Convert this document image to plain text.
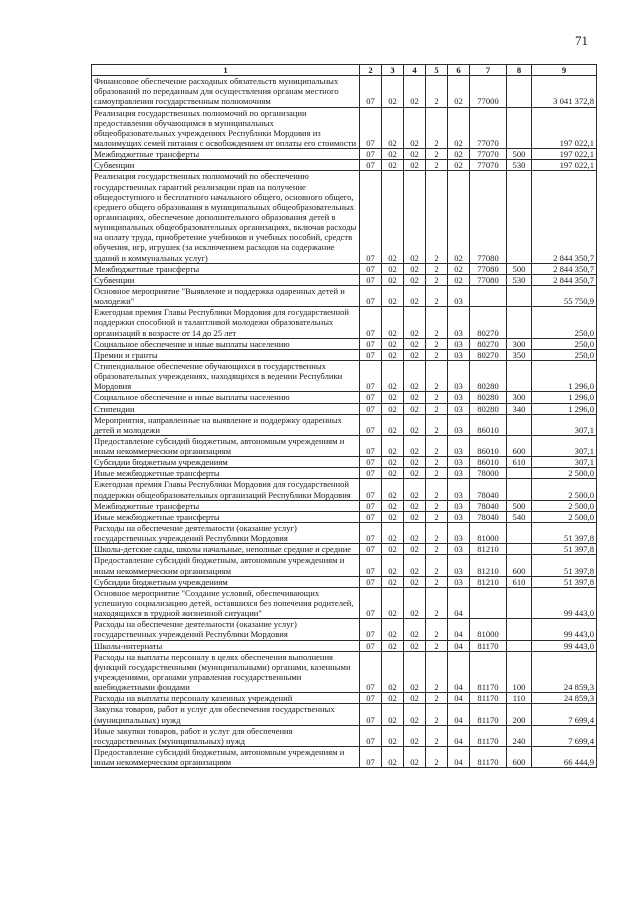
71
1	2	3	4	5	6	7	8	9
Финансовое обеспечение расходных обязательств муниципальных образований по переданным для осуществления органам местного самоуправления государственным полномочиям	07	02	02	2	02	77000		3 041 372,8
Реализация государственных полномочий по организации предоставления обучающимся в муниципальных общеобразовательных учреждениях Республики Мордовия из малоимущих семей питания с освобождением от оплаты его стоимости	07	02	02	2	02	77070		197 022,1
Межбюджетные трансферты	07	02	02	2	02	77070	500	197 022,1
Субвенции	07	02	02	2	02	77070	530	197 022,1
Реализация государственных полномочий по обеспечению государственных гарантий реализации прав на получение общедоступного и бесплатного начального общего, основного общего, среднего общего образования в муниципальных общеобразовательных организациях, обеспечение дополнительного образования детей в муниципальных общеобразовательных организациях, включая расходы на оплату труда, приобретение учебников и учебных пособий, средств обучения, игр, игрушек (за исключением расходов на содержание зданий и коммунальных услуг)	07	02	02	2	02	77080		2 844 350,7
Межбюджетные трансферты	07	02	02	2	02	77080	500	2 844 350,7
Субвенции	07	02	02	2	02	77080	530	2 844 350,7
Основное мероприятие "Выявление и поддержка одаренных детей и молодежи"	07	02	02	2	03			55 750,9
Ежегодная премия Главы Республики Мордовия для государственной поддержки способной и талантливой молодежи образовательных организаций в возрасте от 14 до 25 лет	07	02	02	2	03	80270		250,0
Социальное обеспечение и иные выплаты населению	07	02	02	2	03	80270	300	250,0
Премии и гранты	07	02	02	2	03	80270	350	250,0
Стипендиальное обеспечение обучающихся в государственных образовательных учреждениях, находящихся в ведении Республики Мордовия	07	02	02	2	03	80280		1 296,0
Социальное обеспечение и иные выплаты населению	07	02	02	2	03	80280	300	1 296,0
Стипендии	07	02	02	2	03	80280	340	1 296,0
Мероприятия, направленные на выявление и поддержку одаренных детей и молодежи	07	02	02	2	03	86010		307,1
Предоставление субсидий бюджетным, автономным учреждениям и иным некоммерческим организациям	07	02	02	2	03	86010	600	307,1
Субсидии бюджетным учреждениям	07	02	02	2	03	86010	610	307,1
Иные межбюджетные трансферты	07	02	02	2	03	78000		2 500,0
Ежегодная премия Главы Республики Мордовия для государственной поддержки общеобразовательных организаций Республики Мордовия	07	02	02	2	03	78040		2 500,0
Межбюджетные трансферты	07	02	02	2	03	78040	500	2 500,0
Иные межбюджетные трансферты	07	02	02	2	03	78040	540	2 500,0
Расходы на обеспечение деятельности (оказание услуг) государственных учреждений Республики Мордовия	07	02	02	2	03	81000		51 397,8
Школы-детские сады, школы начальные, неполные средние и средние	07	02	02	2	03	81210		51 397,8
Предоставление субсидий бюджетным, автономным учреждениям и иным некоммерческим организациям	07	02	02	2	03	81210	600	51 397,8
Субсидии бюджетным учреждениям	07	02	02	2	03	81210	610	51 397,8
Основное мероприятие "Создание условий, обеспечивающих успешную социализацию детей, оставшихся без попечения родителей, находящихся в трудной жизненной ситуации"	07	02	02	2	04			99 443,0
Расходы на обеспечение деятельности (оказание услуг) государственных учреждений Республики Мордовия	07	02	02	2	04	81000		99 443,0
Школы-интернаты	07	02	02	2	04	81170		99 443,0
Расходы на выплаты персоналу в целях обеспечения выполнения функций государственными (муниципальными) органами, казенными учреждениями, органами управления государственными внебюджетными фондами	07	02	02	2	04	81170	100	24 859,3
Расходы на выплаты персоналу казенных учреждений	07	02	02	2	04	81170	110	24 859,3
Закупка товаров, работ и услуг для обеспечения государственных (муниципальных) нужд	07	02	02	2	04	81170	200	7 699,4
Иные закупки товаров, работ и услуг для обеспечения государственных (муниципальных) нужд	07	02	02	2	04	81170	240	7 699,4
Предоставление субсидий бюджетным, автономным учреждениям и иным некоммерческим организациям	07	02	02	2	04	81170	600	66 444,9
